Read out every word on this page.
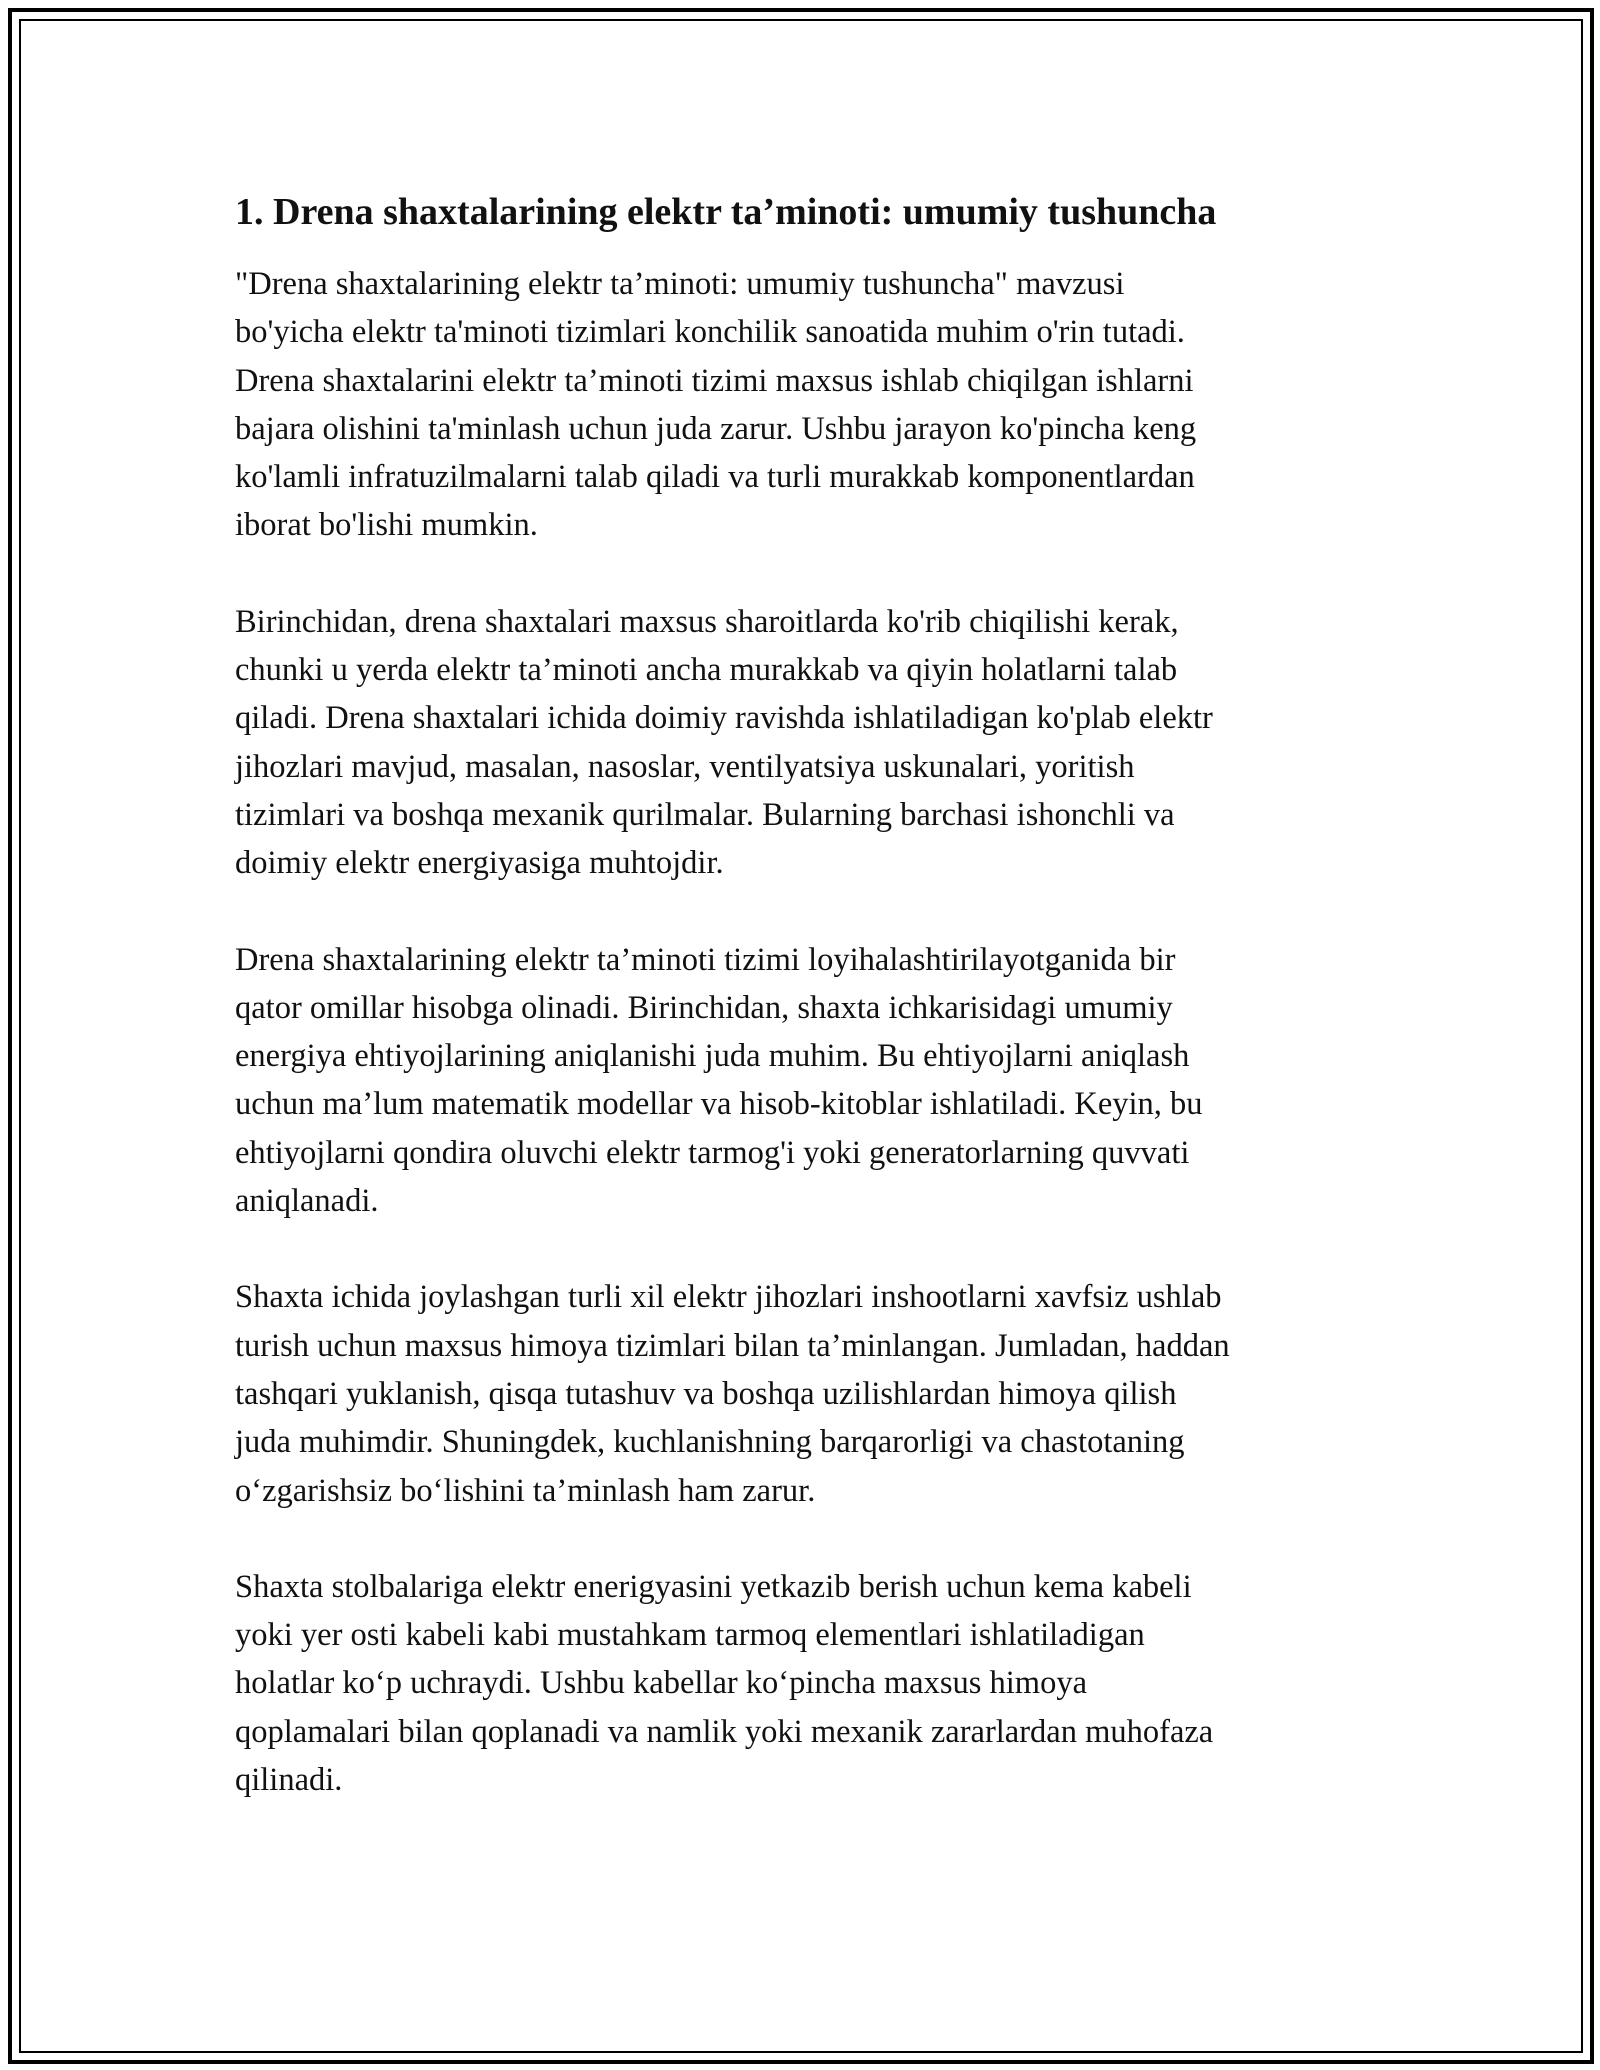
1. Drena shaxtalarining elektr ta’minoti: umumiy tushuncha
"Drena shaxtalarining elektr ta’minoti: umumiy tushuncha" mavzusi
bo'yicha elektr ta'minoti tizimlari konchilik sanoatida muhim o'rin tutadi.
Drena shaxtalarini elektr ta’minoti tizimi maxsus ishlab chiqilgan ishlarni
bajara olishini ta'minlash uchun juda zarur. Ushbu jarayon ko'pincha keng
ko'lamli infratuzilmalarni talab qiladi va turli murakkab komponentlardan
iborat bo'lishi mumkin.
Birinchidan, drena shaxtalari maxsus sharoitlarda ko'rib chiqilishi kerak,
chunki u yerda elektr ta’minoti ancha murakkab va qiyin holatlarni talab
qiladi. Drena shaxtalari ichida doimiy ravishda ishlatiladigan ko'plab elektr
jihozlari mavjud, masalan, nasoslar, ventilyatsiya uskunalari, yoritish
tizimlari va boshqa mexanik qurilmalar. Bularning barchasi ishonchli va
doimiy elektr energiyasiga muhtojdir.
Drena shaxtalarining elektr ta’minoti tizimi loyihalashtirilayotganida bir
qator omillar hisobga olinadi. Birinchidan, shaxta ichkarisidagi umumiy
energiya ehtiyojlarining aniqlanishi juda muhim. Bu ehtiyojlarni aniqlash
uchun ma’lum matematik modellar va hisob-kitoblar ishlatiladi. Keyin, bu
ehtiyojlarni qondira oluvchi elektr tarmog'i yoki generatorlarning quvvati
aniqlanadi.
Shaxta ichida joylashgan turli xil elektr jihozlari inshootlarni xavfsiz ushlab
turish uchun maxsus himoya tizimlari bilan ta’minlangan. Jumladan, haddan
tashqari yuklanish, qisqa tutashuv va boshqa uzilishlardan himoya qilish
juda muhimdir. Shuningdek, kuchlanishning barqarorligi va chastotaning
o‘zgarishsiz bo‘lishini ta’minlash ham zarur.
Shaxta stolbalariga elektr enerigyasini yetkazib berish uchun kema kabeli
yoki yer osti kabeli kabi mustahkam tarmoq elementlari ishlatiladigan
holatlar ko‘p uchraydi. Ushbu kabellar ko‘pincha maxsus himoya
qoplamalari bilan qoplanadi va namlik yoki mexanik zararlardan muhofaza
qilinadi.
